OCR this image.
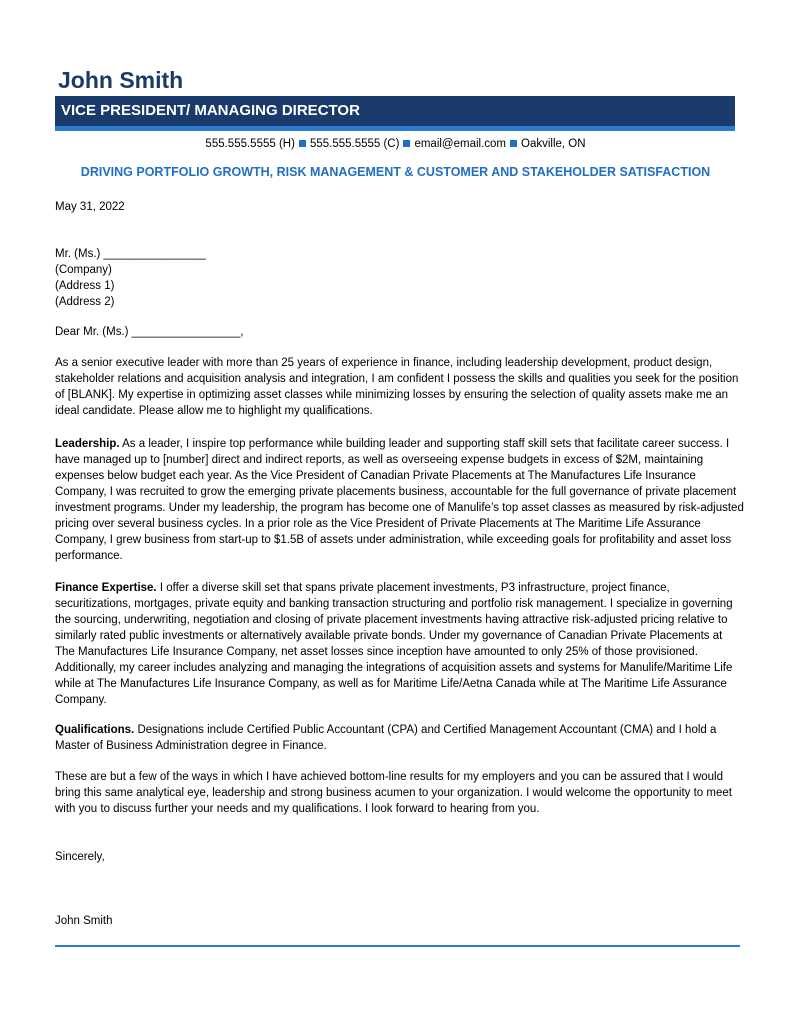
John Smith
VICE PRESIDENT/ MANAGING DIRECTOR
555.555.5555 (H) 555.555.5555 (C) email@email.com Oakville, ON
DRIVING PORTFOLIO GROWTH, RISK MANAGEMENT & CUSTOMER AND STAKEHOLDER SATISFACTION

May 31, 2022

Mr. (Ms.) ________________
(Company)
(Address 1)
(Address 2)

Dear Mr. (Ms.) _________________,

As a senior executive leader with more than 25 years of experience in finance, including leadership development, product design, stakeholder relations and acquisition analysis and integration, I am confident I possess the skills and qualities you seek for the position of [BLANK]. My expertise in optimizing asset classes while minimizing losses by ensuring the selection of quality assets make me an ideal candidate. Please allow me to highlight my qualifications.

Leadership. As a leader, I inspire top performance while building leader and supporting staff skill sets that facilitate career success. I have managed up to [number] direct and indirect reports, as well as overseeing expense budgets in excess of $2M, maintaining expenses below budget each year. As the Vice President of Canadian Private Placements at The Manufactures Life Insurance Company, I was recruited to grow the emerging private placements business, accountable for the full governance of private placement investment programs. Under my leadership, the program has become one of Manulife’s top asset classes as measured by risk-adjusted pricing over several business cycles. In a prior role as the Vice President of Private Placements at The Maritime Life Assurance Company, I grew business from start-up to $1.5B of assets under administration, while exceeding goals for profitability and asset loss performance.

Finance Expertise. I offer a diverse skill set that spans private placement investments, P3 infrastructure, project finance, securitizations, mortgages, private equity and banking transaction structuring and portfolio risk management. I specialize in governing the sourcing, underwriting, negotiation and closing of private placement investments having attractive risk-adjusted pricing relative to similarly rated public investments or alternatively available private bonds. Under my governance of Canadian Private Placements at The Manufactures Life Insurance Company, net asset losses since inception have amounted to only 25% of those provisioned. Additionally, my career includes analyzing and managing the integrations of acquisition assets and systems for Manulife/Maritime Life while at The Manufactures Life Insurance Company, as well as for Maritime Life/Aetna Canada while at The Maritime Life Assurance Company.

Qualifications. Designations include Certified Public Accountant (CPA) and Certified Management Accountant (CMA) and I hold a Master of Business Administration degree in Finance.

These are but a few of the ways in which I have achieved bottom-line results for my employers and you can be assured that I would bring this same analytical eye, leadership and strong business acumen to your organization. I would welcome the opportunity to meet with you to discuss further your needs and my qualifications. I look forward to hearing from you.

Sincerely,

John Smith
